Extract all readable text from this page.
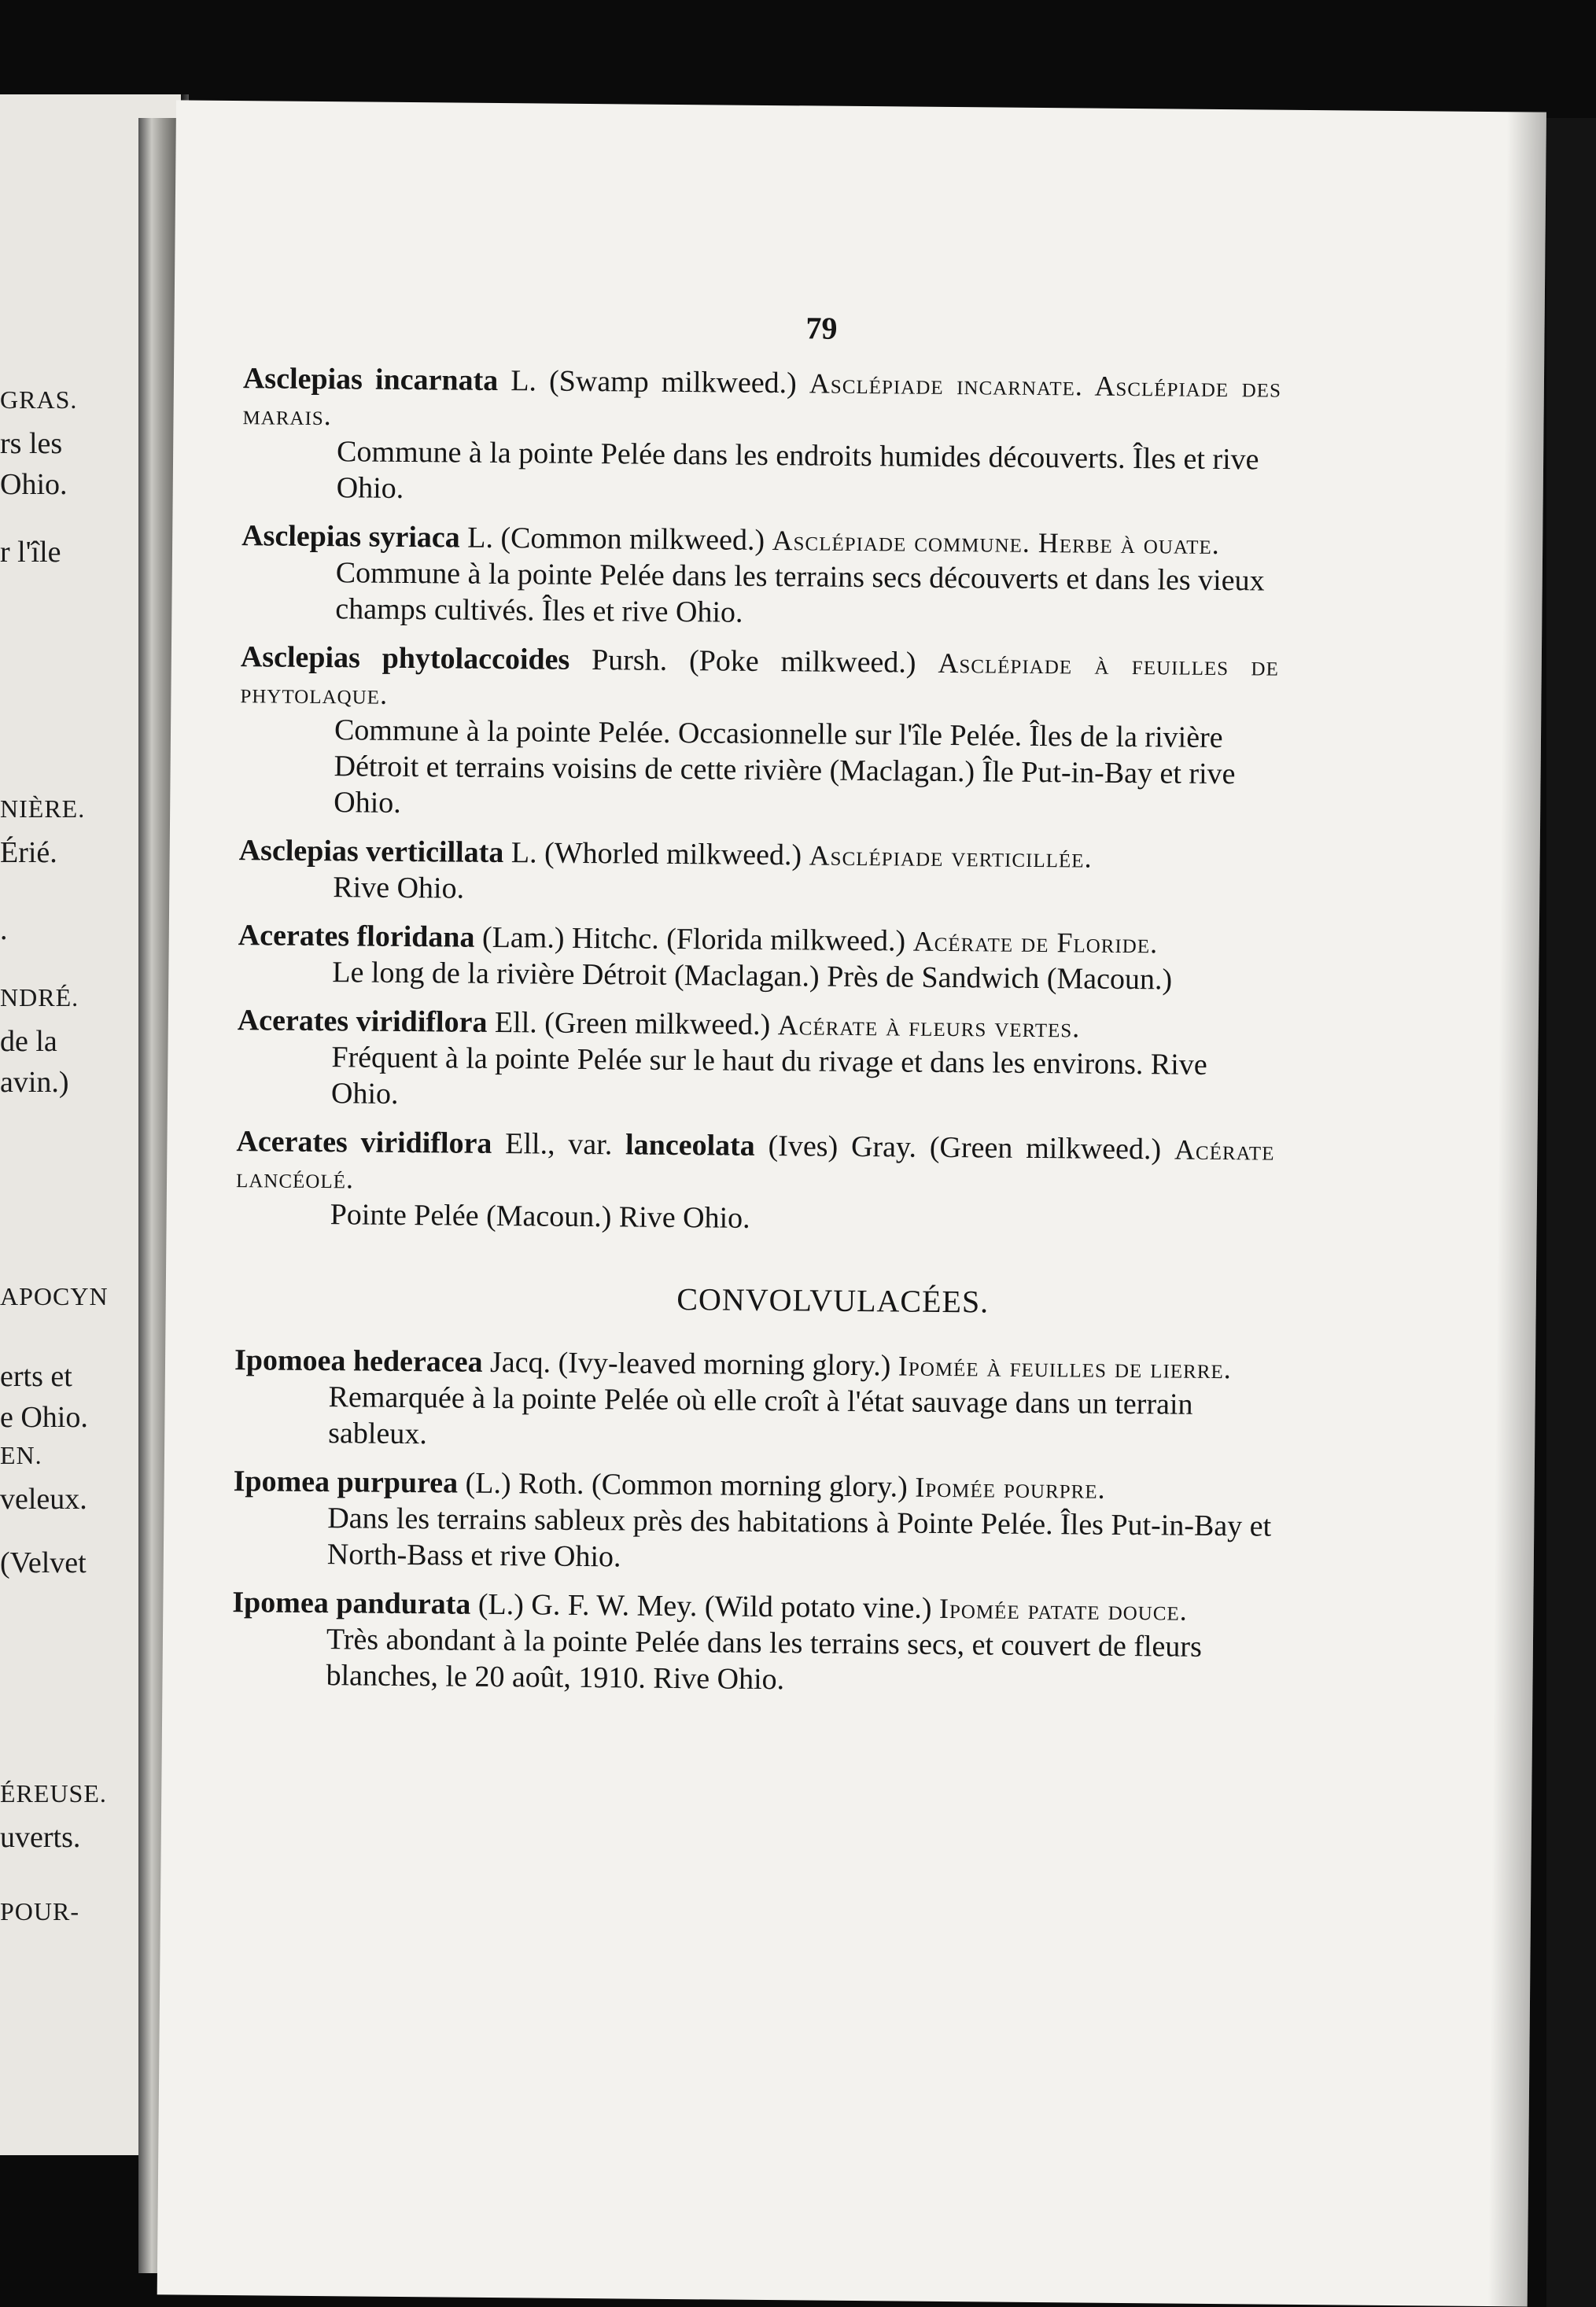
GRAS.
rs les
Ohio.
r l'île
NIÈRE.
Érié.
.
NDRÉ.
de la
avin.)
APOCYN
erts et
e Ohio.
EN.
veleux.
(Velvet
ÉREUSE.
uverts.
POUR-
79
Asclepias incarnata L. (Swamp milkweed.) Asclépiade incarnate. Asclépiade des marais.
Commune à la pointe Pelée dans les endroits humides découverts. Îles et rive Ohio.
Asclepias syriaca L. (Common milkweed.) Asclépiade commune. Herbe à ouate.
Commune à la pointe Pelée dans les terrains secs découverts et dans les vieux champs cultivés. Îles et rive Ohio.
Asclepias phytolaccoides Pursh. (Poke milkweed.) Asclépiade à feuilles de phytolaque.
Commune à la pointe Pelée. Occasionnelle sur l'île Pelée. Îles de la rivière Détroit et terrains voisins de cette rivière (Maclagan.) Île Put-in-Bay et rive Ohio.
Asclepias verticillata L. (Whorled milkweed.) Asclépiade verticillée.
Rive Ohio.
Acerates floridana (Lam.) Hitchc. (Florida milkweed.) Acérate de Floride.
Le long de la rivière Détroit (Maclagan.) Près de Sandwich (Macoun.)
Acerates viridiflora Ell. (Green milkweed.) Acérate à fleurs vertes.
Fréquent à la pointe Pelée sur le haut du rivage et dans les environs. Rive Ohio.
Acerates viridiflora Ell., var. lanceolata (Ives) Gray. (Green milkweed.) Acérate lancéolé.
Pointe Pelée (Macoun.) Rive Ohio.
CONVOLVULACÉES.
Ipomoea hederacea Jacq. (Ivy-leaved morning glory.) Ipomée à feuilles de lierre.
Remarquée à la pointe Pelée où elle croît à l'état sauvage dans un terrain sableux.
Ipomea purpurea (L.) Roth. (Common morning glory.) Ipomée pourpre.
Dans les terrains sableux près des habitations à Pointe Pelée. Îles Put-in-Bay et North-Bass et rive Ohio.
Ipomea pandurata (L.) G. F. W. Mey. (Wild potato vine.) Ipomée patate douce.
Très abondant à la pointe Pelée dans les terrains secs, et couvert de fleurs blanches, le 20 août, 1910. Rive Ohio.
